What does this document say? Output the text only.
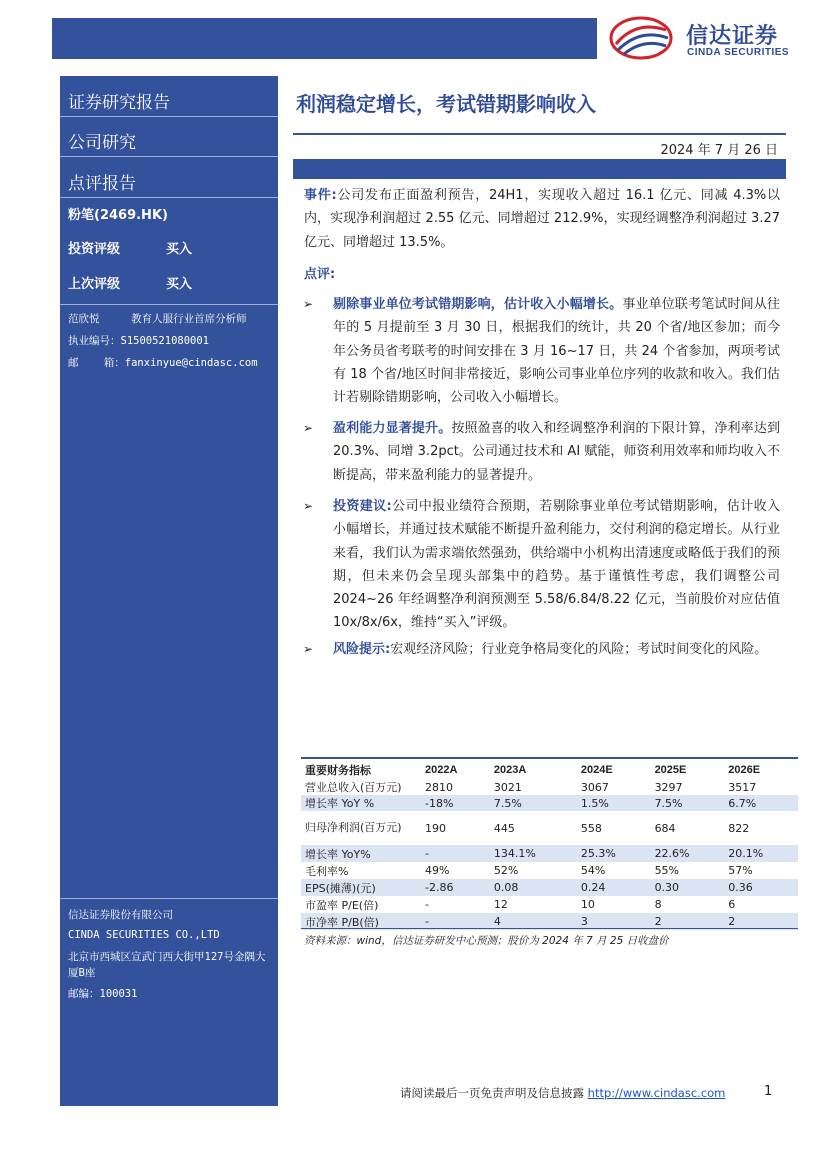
信达证券
CINDA SECURITIES
证券研究报告
公司研究
点评报告
粉笔(2469.HK)
投资评级	买入
上次评级	买入
范欣悦     教育人服行业首席分析师
执业编号：S1500521080001
邮    箱：fanxinyue@cindasc.com
信达证券股份有限公司
CINDA SECURITIES CO.,LTD
北京市西城区宣武门西大街甲127号金隅大厦B座
邮编：100031
利润稳定增长，考试错期影响收入
2024 年 7 月 26 日
事件:公司发布正面盈利预告，24H1，实现收入超过 16.1 亿元、同减 4.3%以内，实现净利润超过 2.55 亿元、同增超过 212.9%，实现经调整净利润超过 3.27 亿元、同增超过 13.5%。
点评:
➢ 剔除事业单位考试错期影响，估计收入小幅增长。事业单位联考笔试时间从往年的 5 月提前至 3 月 30 日，根据我们的统计，共 20 个省/地区参加；而今年公务员省考联考的时间安排在 3 月 16~17 日，共 24 个省参加，两项考试有 18 个省/地区时间非常接近，影响公司事业单位序列的收款和收入。我们估计若剔除错期影响，公司收入小幅增长。
➢ 盈利能力显著提升。按照盈喜的收入和经调整净利润的下限计算，净利率达到 20.3%、同增 3.2pct。公司通过技术和 AI 赋能，师资利用效率和师均收入不断提高，带来盈利能力的显著提升。
➢ 投资建议:公司中报业绩符合预期，若剔除事业单位考试错期影响，估计收入小幅增长，并通过技术赋能不断提升盈利能力，交付利润的稳定增长。从行业来看，我们认为需求端依然强劲，供给端中小机构出清速度或略低于我们的预期，但未来仍会呈现头部集中的趋势。基于谨慎性考虑，我们调整公司 2024~26 年经调整净利润预测至 5.58/6.84/8.22 亿元，当前股价对应估值 10x/8x/6x，维持“买入”评级。
➢ 风险提示:宏观经济风险；行业竞争格局变化的风险；考试时间变化的风险。
重要财务指标	2022A	2023A	2024E	2025E	2026E
营业总收入(百万元)	2810	3021	3067	3297	3517
增长率 YoY %	-18%	7.5%	1.5%	7.5%	6.7%
归母净利润(百万元)	190	445	558	684	822
增长率 YoY%	-	134.1%	25.3%	22.6%	20.1%
毛利率%	49%	52%	54%	55%	57%
EPS(摊薄)(元)	-2.86	0.08	0.24	0.30	0.36
市盈率 P/E(倍)	-	12	10	8	6
市净率 P/B(倍)	-	4	3	2	2
资料来源：wind，信达证券研发中心预测；股价为 2024 年 7 月 25 日收盘价
请阅读最后一页免责声明及信息披露 http://www.cindasc.com	1
